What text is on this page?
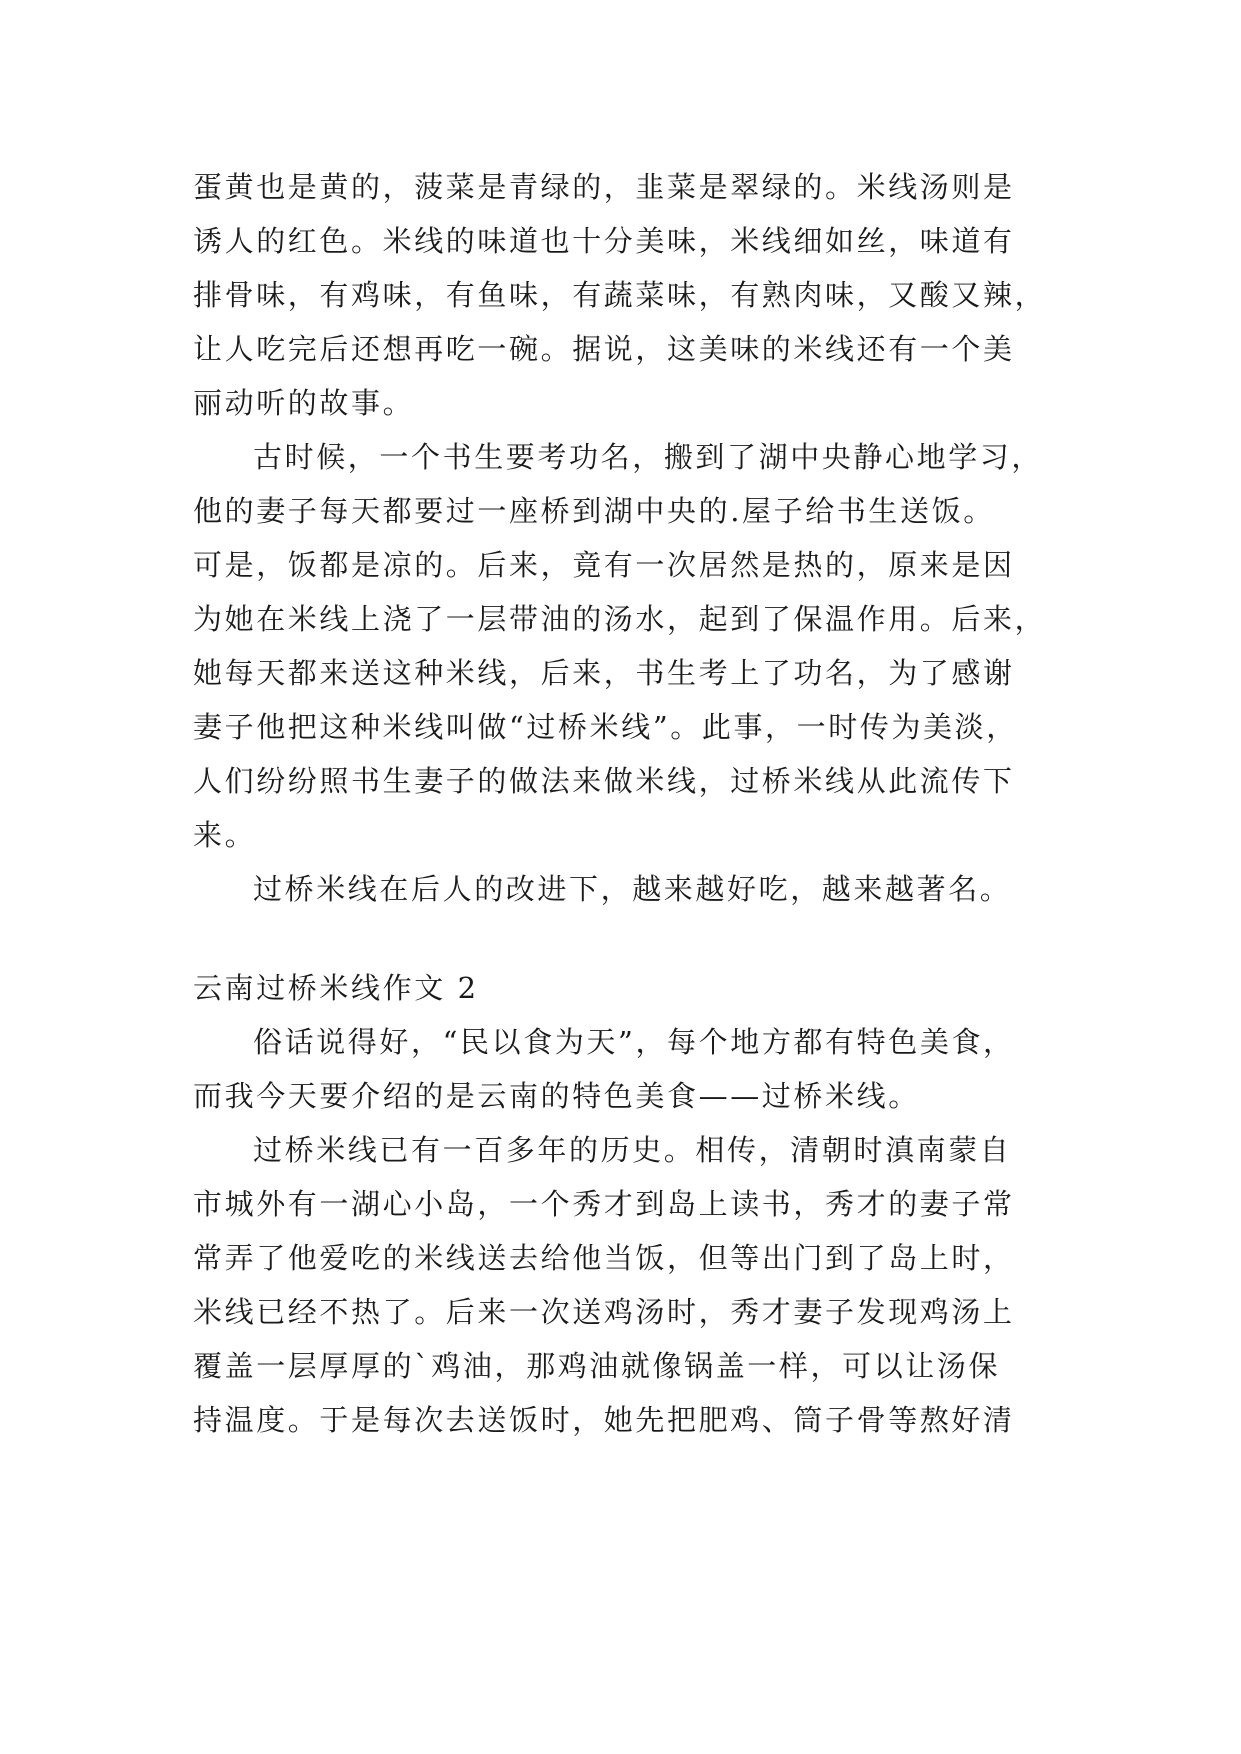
蛋黄也是黄的，菠菜是青绿的，韭菜是翠绿的。米线汤则是
诱人的红色。米线的味道也十分美味，米线细如丝，味道有
排骨味，有鸡味，有鱼味，有蔬菜味，有熟肉味，又酸又辣，
让人吃完后还想再吃一碗。据说，这美味的米线还有一个美
丽动听的故事。
古时候，一个书生要考功名，搬到了湖中央静心地学习，
他的妻子每天都要过一座桥到湖中央的.屋子给书生送饭。
可是，饭都是凉的。后来，竟有一次居然是热的，原来是因
为她在米线上浇了一层带油的汤水，起到了保温作用。后来，
她每天都来送这种米线，后来，书生考上了功名，为了感谢
妻子他把这种米线叫做“过桥米线”。此事，一时传为美淡，
人们纷纷照书生妻子的做法来做米线，过桥米线从此流传下
来。
过桥米线在后人的改进下，越来越好吃，越来越著名。
云南过桥米线作文 2
俗话说得好，“民以食为天”，每个地方都有特色美食，
而我今天要介绍的是云南的特色美食——过桥米线。
过桥米线已有一百多年的历史。相传，清朝时滇南蒙自
市城外有一湖心小岛，一个秀才到岛上读书，秀才的妻子常
常弄了他爱吃的米线送去给他当饭，但等出门到了岛上时，
米线已经不热了。后来一次送鸡汤时，秀才妻子发现鸡汤上
覆盖一层厚厚的`鸡油，那鸡油就像锅盖一样，可以让汤保
持温度。于是每次去送饭时，她先把肥鸡、筒子骨等熬好清
